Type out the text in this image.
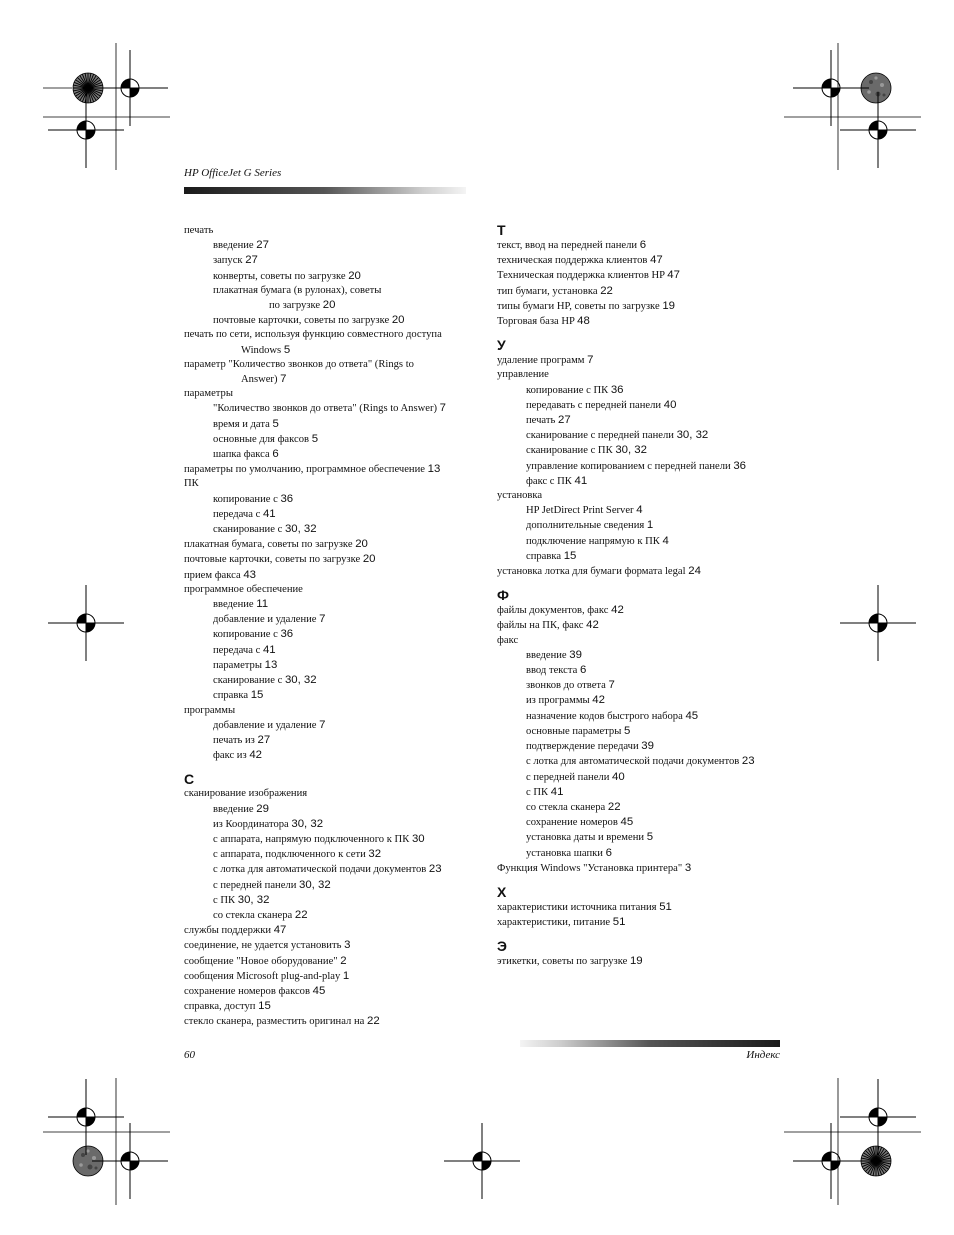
HP OfficeJet G Series
печать
введение 27
запуск 27
конверты, советы по загрузке 20
плакатная бумага (в рулонах), советы
по загрузке 20
почтовые карточки, советы по загрузке 20
печать по сети, используя функцию совместного доступа
Windows 5
параметр "Количество звонков до ответа" (Rings to
Answer) 7
параметры
"Количество звонков до ответа" (Rings to Answer) 7
время и дата 5
основные для факсов 5
шапка факса 6
параметры по умолчанию, программное обеспечение 13
ПК
копирование с 36
передача с 41
сканирование с 30, 32
плакатная бумага, советы по загрузке 20
почтовые карточки, советы по загрузке 20
прием факса 43
программное обеспечение
введение 11
добавление и удаление 7
копирование с 36
передача с 41
параметры 13
сканирование с 30, 32
справка 15
программы
добавление и удаление 7
печать из 27
факс из 42
С
сканирование изображения
введение 29
из Координатора 30, 32
с аппарата, напрямую подключенного к ПК 30
с аппарата, подключенного к сети 32
с лотка для автоматической подачи документов 23
с передней панели 30, 32
с ПК 30, 32
со стекла сканера 22
службы поддержки 47
соединение, не удается установить 3
сообщение "Новое оборудование" 2
сообщения Microsoft plug-and-play 1
сохранение номеров факсов 45
справка, доступ 15
стекло сканера, разместить оригинал на 22
Т
текст, ввод на передней панели 6
техническая поддержка клиентов 47
Техническая поддержка клиентов HP 47
тип бумаги, установка 22
типы бумаги HP, советы по загрузке 19
Торговая база HP 48
У
удаление программ 7
управление
копирование с ПК 36
передавать с передней панели 40
печать 27
сканирование с передней панели 30, 32
сканирование с ПК 30, 32
управление копированием с передней панели 36
факс с ПК 41
установка
HP JetDirect Print Server 4
дополнительные сведения 1
подключение напрямую к ПК 4
справка 15
установка лотка для бумаги формата legal 24
Ф
файлы документов, факс 42
файлы на ПК, факс 42
факс
введение 39
ввод текста 6
звонков до ответа 7
из программы 42
назначение кодов быстрого набора 45
основные параметры 5
подтверждение передачи 39
с лотка для автоматической подачи документов 23
с передней панели 40
с ПК 41
со стекла сканера 22
сохранение номеров 45
установка даты и времени 5
установка шапки 6
Функция Windows "Установка принтера" 3
Х
характеристики источника питания 51
характеристики, питание 51
Э
этикетки, советы по загрузке 19
60	Индекс
